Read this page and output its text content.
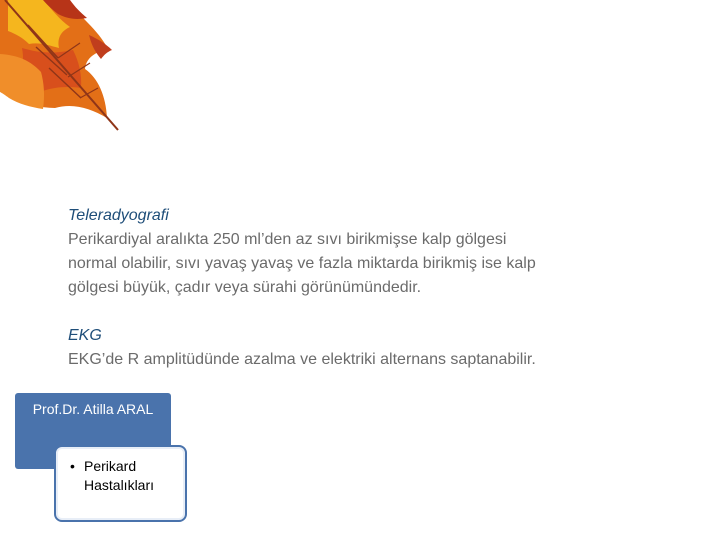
Teleradyografi

Perikardiyal aralıkta 250 ml’den az sıvı birikmişse kalp gölgesi

normal olabilir, sıvı yavaş yavaş ve fazla miktarda birikmiş ise kalp

gölgesi büyük, çadır veya sürahi görünümündedir.

EKG

EKG’de R amplitüdünde azalma ve elektriki alternans saptanabilir.

Prof.Dr. Atilla ARAL
• Perikard
Hastalıkları
